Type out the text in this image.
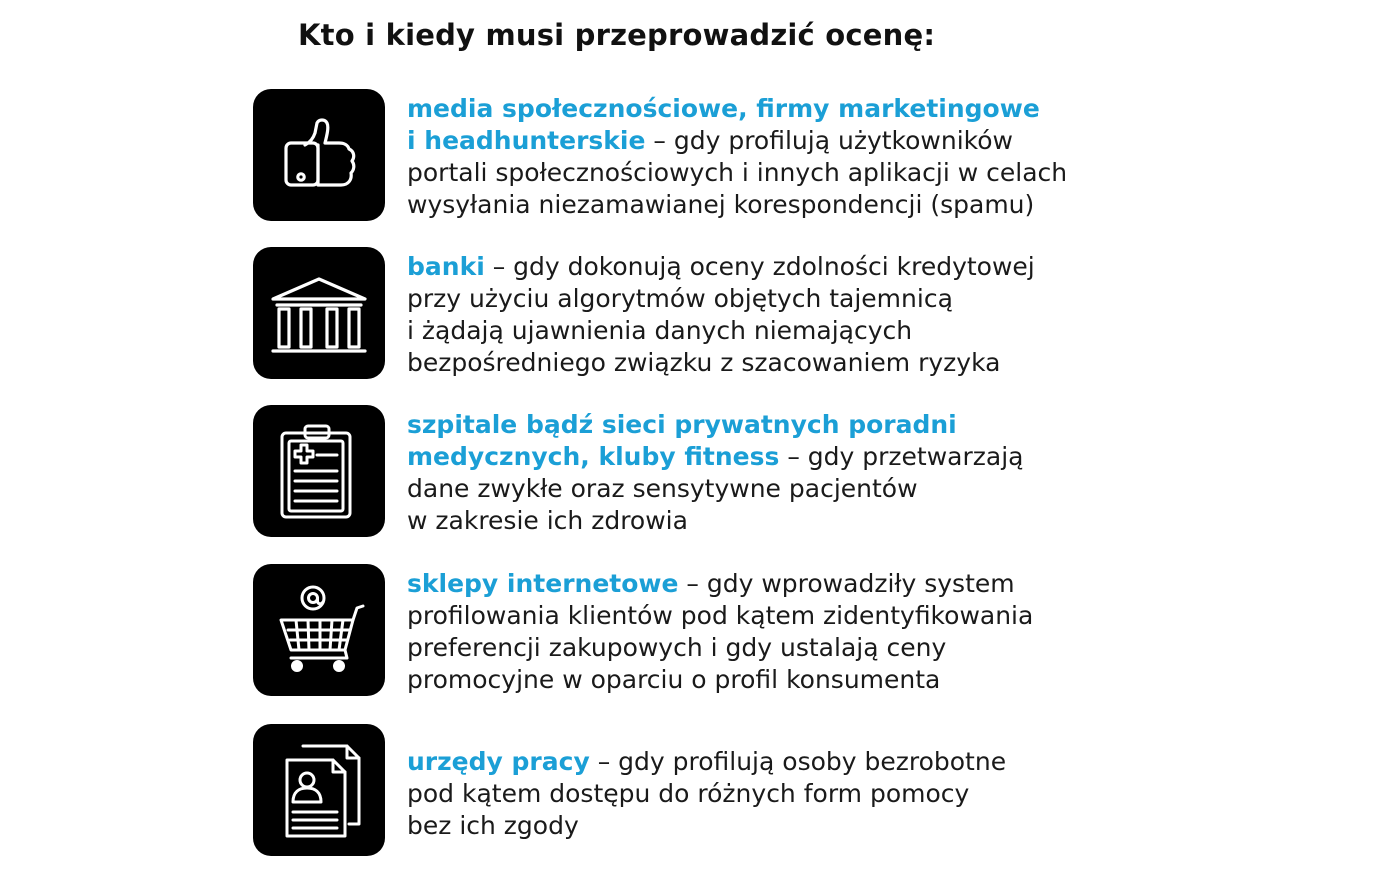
Kto i kiedy musi przeprowadzić ocenę:
media społecznościowe, firmy marketingowe
i headhunterskie – gdy profilują użytkowników
portali społecznościowych i innych aplikacji w celach
wysyłania niezamawianej korespondencji (spamu)
banki – gdy dokonują oceny zdolności kredytowej
przy użyciu algorytmów objętych tajemnicą
i żądają ujawnienia danych niemających
bezpośredniego związku z szacowaniem ryzyka
szpitale bądź sieci prywatnych poradni
medycznych, kluby fitness – gdy przetwarzają
dane zwykłe oraz sensytywne pacjentów
w zakresie ich zdrowia
sklepy internetowe – gdy wprowadziły system
profilowania klientów pod kątem zidentyfikowania
preferencji zakupowych i gdy ustalają ceny
promocyjne w oparciu o profil konsumenta
urzędy pracy – gdy profilują osoby bezrobotne
pod kątem dostępu do różnych form pomocy
bez ich zgody
